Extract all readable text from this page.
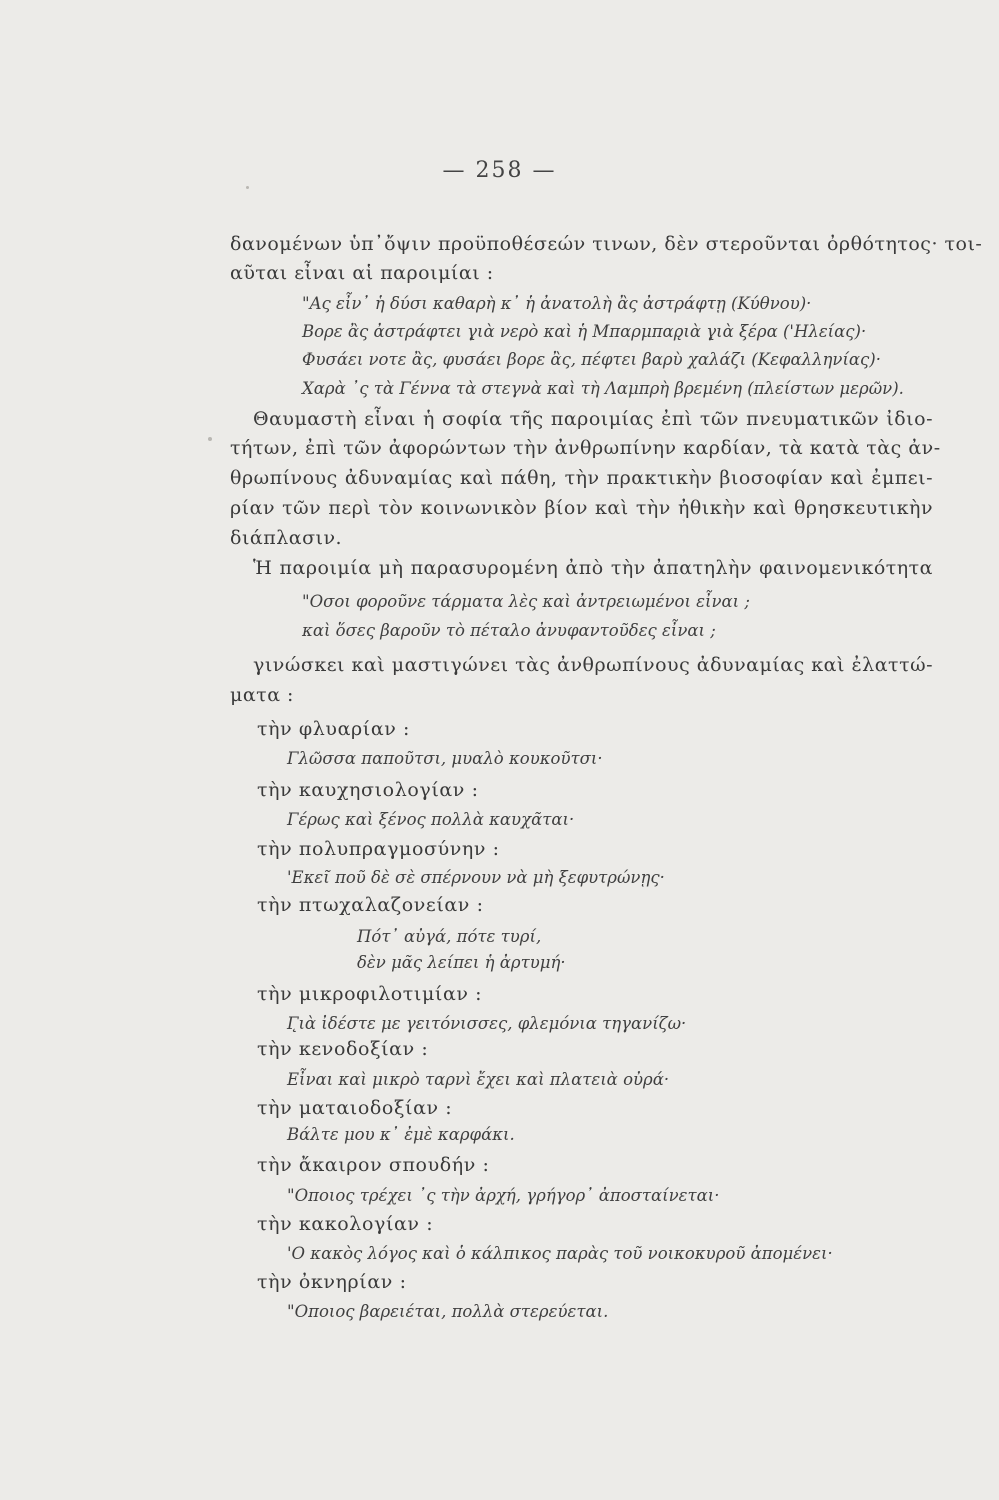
— 258 —
δανομένων ὑπ᾽ὄψιν προϋποθέσεών τινων, δὲν στεροῦνται ὀρθότητος· τοι-
αῦται εἶναι αἱ παροιμίαι :
"Ας εἶν᾽ ἡ δύσι καθαρὴ κ᾽ ἡ ἀνατολὴ ἂς ἀστράφτῃ (Κύθνου)·
Βορε ἂς ἀστράφτει γ̨ιὰ νερὸ καὶ ἡ Μπαρμπαρ̨ιὰ γ̨ιὰ ξέρα ('Ηλείας)·
Φυσάει νοτε ἂς, φυσάει βορε ἂς, πέφτει βαρὺ χαλάζι (Κεφαλληνίας)·
Χαρὰ ᾽ς τὰ Γέννα τὰ στεγνὰ καὶ τὴ Λαμπρὴ βρεμένη (πλείστων μερῶν).
Θαυμαστὴ εἶναι ἡ σοφία τῆς παροιμίας ἐπὶ τῶν πνευματικῶν ἰδιο-
τήτων, ἐπὶ τῶν ἀφορώντων τὴν ἀνθρωπίνην καρδίαν, τὰ κατὰ τὰς ἀν-
θρωπίνους ἀδυναμίας καὶ πάθη, τὴν πρακτικὴν βιοσοφίαν καὶ ἐμπει-
ρίαν τῶν περὶ τὸν κοινωνικὸν βίον καὶ τὴν ἠθικὴν καὶ θρησκευτικὴν
διάπλασιν.
Ἡ παροιμία μὴ παρασυρομένη ἀπὸ τὴν ἀπατηλὴν φαινομενικότητα
"Οσοι φοροῦνε τάρματα λὲς καὶ ἀντρειωμένοι εἶναι ;
καὶ ὅσες βαροῦν τὸ πέταλο ἀνυφαντοῦδες εἶναι ;
γινώσκει καὶ μαστιγώνει τὰς ἀνθρωπίνους ἀδυναμίας καὶ ἐλαττώ-
ματα :
τὴν φλυαρίαν :
Γλῶσσα παποῦτσι, μυαλὸ κουκοῦτσι·
τὴν καυχησιολογίαν :
Γέρως καὶ ξένος πολλὰ καυχᾶται·
τὴν πολυπραγμοσύνην :
'Εκεῖ ποῦ δὲ σὲ σπέρνουν νὰ μὴ ξεφυτρώνῃς·
τὴν πτωχαλαζονείαν :
Πότ᾽ αὐγά, πότε τυρί,
δὲν μᾶς λείπει ἡ ἀρτυμή·
τὴν μικροφιλοτιμίαν :
Γ̨ιὰ ἰδέστε με γειτόνισσες, φλεμόνια τηγανίζω·
τὴν κενοδοξίαν :
Εἶναι καὶ μικρὸ ταρνὶ ἔχει καὶ πλατειὰ οὐρά·
τὴν ματαιοδοξίαν :
Βάλτε μου κ᾽ ἐμὲ καρφάκι.
τὴν ἄκαιρον σπουδήν :
"Οποιος τρέχει ᾽ς τὴν ἀρχή, γρήγορ᾽ ἀποσταίνεται·
τὴν κακολογίαν :
'Ο κακὸς λόγος καὶ ὁ κάλπικος παρὰς τοῦ νοικοκυροῦ ἀπομένει·
τὴν ὀκνηρίαν :
"Οποιος βαρειέται, πολλὰ στερεύεται.
